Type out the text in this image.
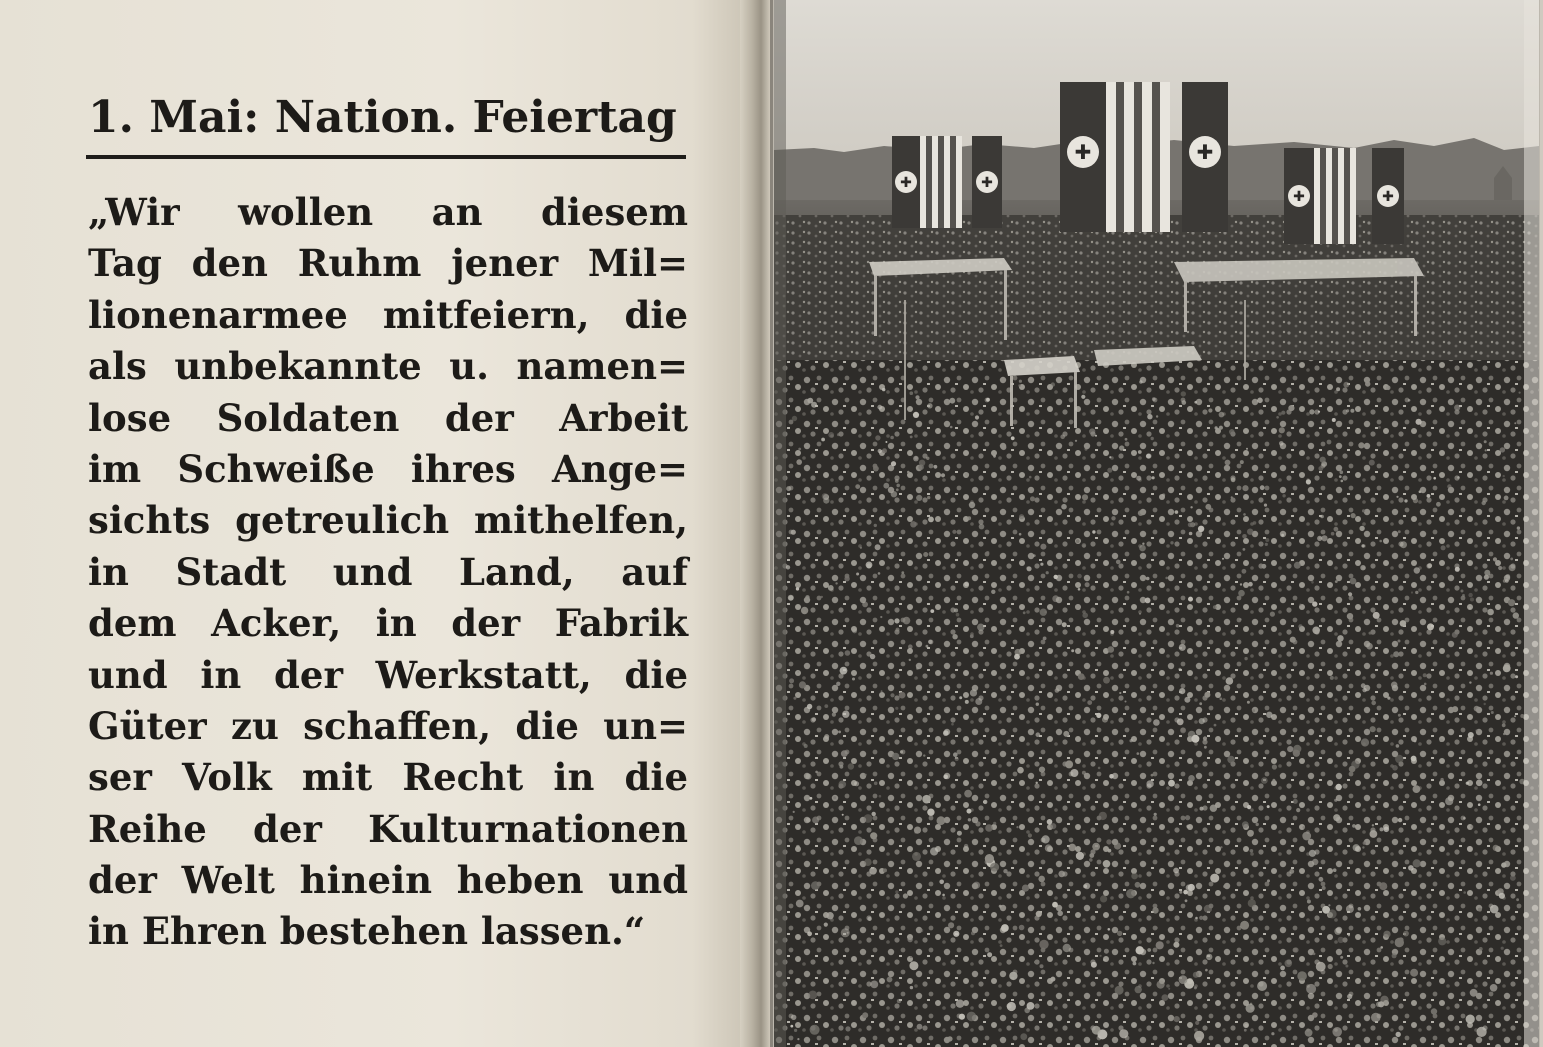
1. Mai: Nation. Feiertag
„Wir wollen an diesem
Tag den Ruhm jener Mil=
lionenarmee mitfeiern, die
als unbekannte u. namen=
lose Soldaten der Arbeit
im Schweiße ihres Ange=
sichts getreulich mithelfen,
in Stadt und Land, auf
dem Acker, in der Fabrik
und in der Werkstatt, die
Güter zu schaffen, die un=
ser Volk mit Recht in die
Reihe der Kulturnationen
der Welt hinein heben und
in Ehren bestehen lassen.“
✚	✚
✚	✚
✚	✚
